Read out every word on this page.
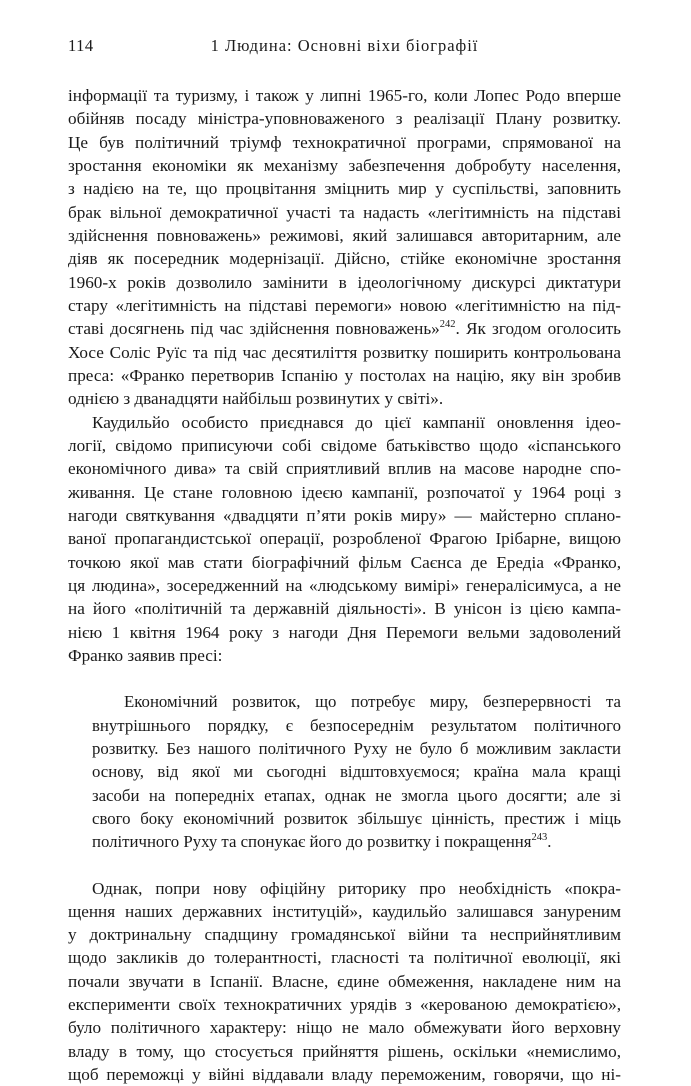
114	1 Людина: Основні віхи біографії
інформації та туризму, і також у липні 1965-го, коли Лопес Родо вперше
обійняв посаду міністра-уповноваженого з реалізації Плану розвитку.
Це був політичний тріумф технократичної програми, спрямованої на
зростання економіки як механізму забезпечення добробуту населення,
з надією на те, що процвітання зміцнить мир у суспільстві, заповнить
брак вільної демократичної участі та надасть «легітимність на підставі
здійснення повноважень» режимові, який залишався авторитарним, але
діяв як посередник модернізації. Дійсно, стійке економічне зростання
1960-х років дозволило замінити в ідеологічному дискурсі диктатури
стару «легітимність на підставі перемоги» новою «легітимністю на під-
ставі досягнень під час здійснення повноважень»$^{242}$. Як згодом оголосить
Хосе Соліс Руїс та під час десятиліття розвитку поширить контрольована
преса: «Франко перетворив Іспанію у постолах на націю, яку він зробив
однією з дванадцяти найбільш розвинутих у світі».
Каудильйо особисто приєднався до цієї кампанії оновлення ідео-
логії, свідомо приписуючи собі свідоме батьківство щодо «іспанського
економічного дива» та свій сприятливий вплив на масове народне спо-
живання. Це стане головною ідеєю кампанії, розпочатої у 1964 році з
нагоди святкування «двадцяти п’яти років миру» — майстерно сплано-
ваної пропагандистської операції, розробленої Фрагою Ірібарне, вищою
точкою якої мав стати біографічний фільм Саєнса де Ередіа «Франко,
ця людина», зосередженний на «людському вимірі» генералісимуса, а не
на його «політичній та державній діяльності». В унісон із цією кампа-
нією 1 квітня 1964 року з нагоди Дня Перемоги вельми задоволений
Франко заявив пресі:
Економічний розвиток, що потребує миру, безперервності та
внутрішнього порядку, є безпосереднім результатом політичного
розвитку. Без нашого політичного Руху не було б можливим закласти
основу, від якої ми сьогодні відштовхуємося; країна мала кращі
засоби на попередніх етапах, однак не змогла цього досягти; але зі
свого боку економічний розвиток збільшує цінність, престиж і міць
політичного Руху та спонукає його до розвитку і покращення$^{243}$.
Однак, попри нову офіційну риторику про необхідність «покра-
щення наших державних інституцій», каудильйо залишався зануреним
у доктринальну спадщину громадянської війни та несприйнятливим
щодо закликів до толерантності, гласності та політичної еволюції, які
почали звучати в Іспанії. Власне, єдине обмеження, накладене ним на
експерименти своїх технократичних урядів з «керованою демократією»,
було політичного характеру: ніщо не мало обмежувати його верховну
владу в тому, що стосується прийняття рішень, оскільки «немислимо,
щоб переможці у війні віддавали владу переможеним, говорячи, що ні-
